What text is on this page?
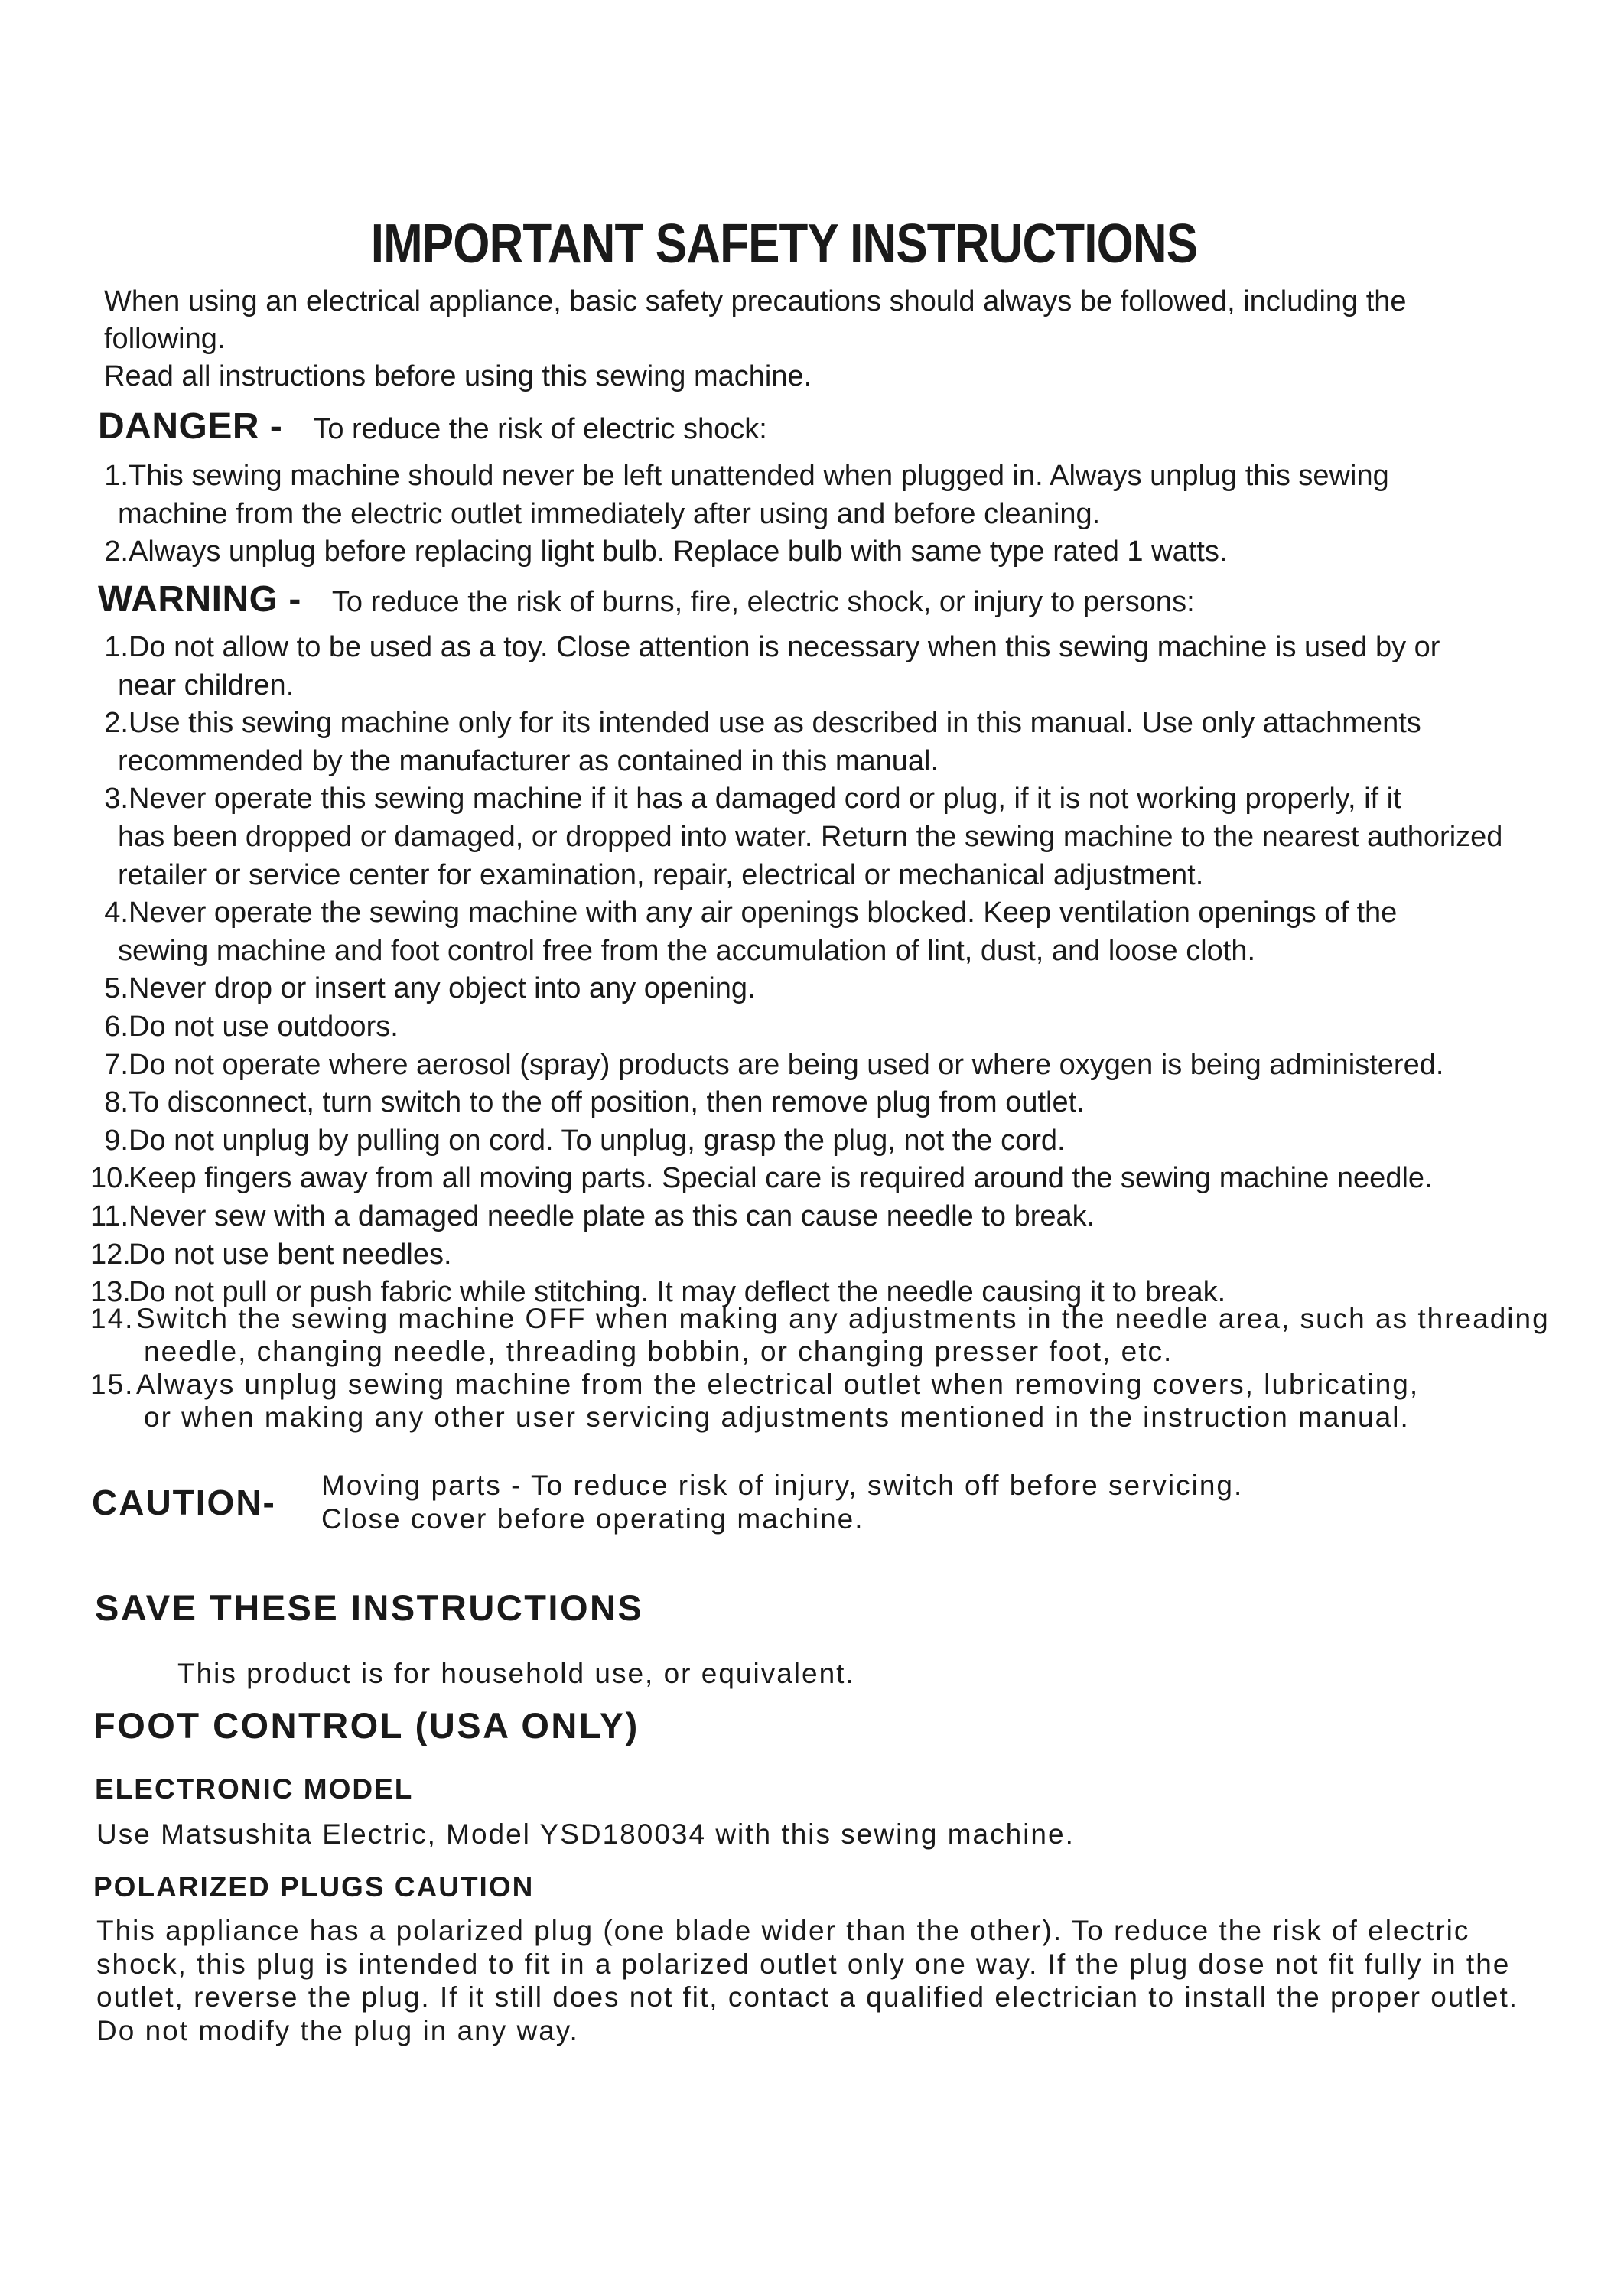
IMPORTANT SAFETY INSTRUCTIONS

When using an electrical appliance, basic safety precautions should always be followed, including the

following.

Read all instructions before using this sewing machine.

DANGER - To reduce the risk of electric shock:
1. This sewing machine should never be left unattended when plugged in. Always unplug this sewing
machine from the electric outlet immediately after using and before cleaning.
2. Always unplug before replacing light bulb. Replace bulb with same type rated 1 watts.
WARNING - To reduce the risk of burns, fire, electric shock, or injury to persons:
1. Do not allow to be used as a toy. Close attention is necessary when this sewing machine is used by or
near children.
2. Use this sewing machine only for its intended use as described in this manual. Use only attachments
recommended by the manufacturer as contained in this manual.
3. Never operate this sewing machine if it has a damaged cord or plug, if it is not working properly, if it
has been dropped or damaged, or dropped into water. Return the sewing machine to the nearest authorized
retailer or service center for examination, repair, electrical or mechanical adjustment.
4. Never operate the sewing machine with any air openings blocked. Keep ventilation openings of the
sewing machine and foot control free from the accumulation of lint, dust, and loose cloth.
5. Never drop or insert any object into any opening.
6. Do not use outdoors.
7. Do not operate where aerosol (spray) products are being used or where oxygen is being administered.
8. To disconnect, turn switch to the off position, then remove plug from outlet.
9. Do not unplug by pulling on cord. To unplug, grasp the plug, not the cord.
10.
Keep fingers away from all moving parts. Special care is required around the sewing machine needle.
11. Never sew with a damaged needle plate as this can cause needle to break.
12.
Do not use bent needles.
13.
Do not pull or push fabric while stitching. It may deflect the needle causing it to break.
14. Switch the sewing machine OFF when making any adjustments in the needle area, such as threading
needle, changing needle, threading bobbin, or changing presser foot, etc.
15. Always unplug sewing machine from the electrical outlet when removing covers, lubricating,
or when making any other user servicing adjustments mentioned in the instruction manual.
CAUTION-	Moving parts - To reduce risk of injury, switch off before servicing.
Close cover before operating machine.
SAVE THESE INSTRUCTIONS

This product is for household use, or equivalent.

FOOT CONTROL (USA ONLY)
ELECTRONIC MODEL

Use Matsushita Electric, Model YSD180034 with this sewing machine.

POLARIZED PLUGS CAUTION
This appliance has a polarized plug (one blade wider than the other). To reduce the risk of electric
shock, this plug is intended to fit in a polarized outlet only one way. If the plug dose not fit fully in the
outlet, reverse the plug. If it still does not fit, contact a qualified electrician to install the proper outlet.
Do not modify the plug in any way.
